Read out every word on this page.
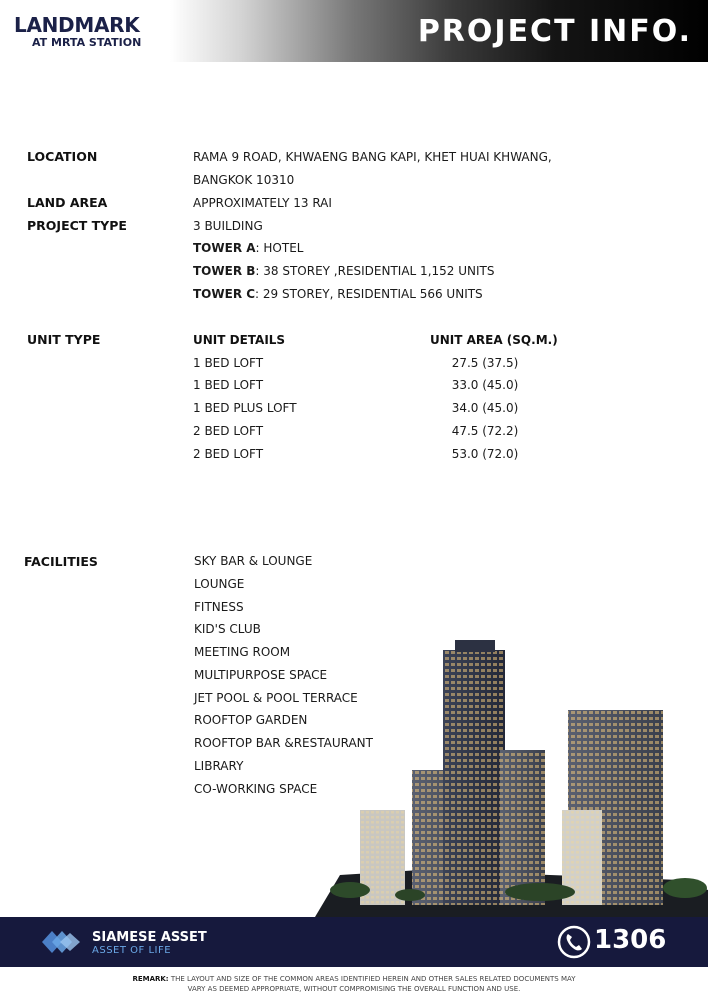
LANDMARK
AT MRTA STATION	PROJECT INFO.
LOCATION	RAMA 9 ROAD, KHWAENG BANG KAPI, KHET HUAI KHWANG,
BANGKOK 10310
LAND AREA	APPROXIMATELY 13 RAI
PROJECT TYPE	3 BUILDING
TOWER A: HOTEL
TOWER B: 38 STOREY ,RESIDENTIAL 1,152 UNITS
TOWER C: 29 STOREY, RESIDENTIAL 566 UNITS
UNIT TYPE	UNIT DETAILS	UNIT AREA (SQ.M.)
1 BED LOFT	27.5 (37.5)
1 BED LOFT	33.0 (45.0)
1 BED PLUS LOFT	34.0 (45.0)
2 BED LOFT	47.5 (72.2)
2 BED LOFT	53.0 (72.0)
FACILITIES	SKY BAR & LOUNGE
LOUNGE
FITNESS
KID'S CLUB
MEETING ROOM
MULTIPURPOSE SPACE
JET POOL & POOL TERRACE
ROOFTOP GARDEN
ROOFTOP BAR &RESTAURANT
LIBRARY
CO-WORKING SPACE
SIAMESE ASSET
ASSET OF LIFE	1306
REMARK: THE LAYOUT AND SIZE OF THE COMMON AREAS IDENTIFIED HEREIN AND OTHER SALES RELATED DOCUMENTS MAY
VARY AS DEEMED APPROPRIATE, WITHOUT COMPROMISING THE OVERALL FUNCTION AND USE.
